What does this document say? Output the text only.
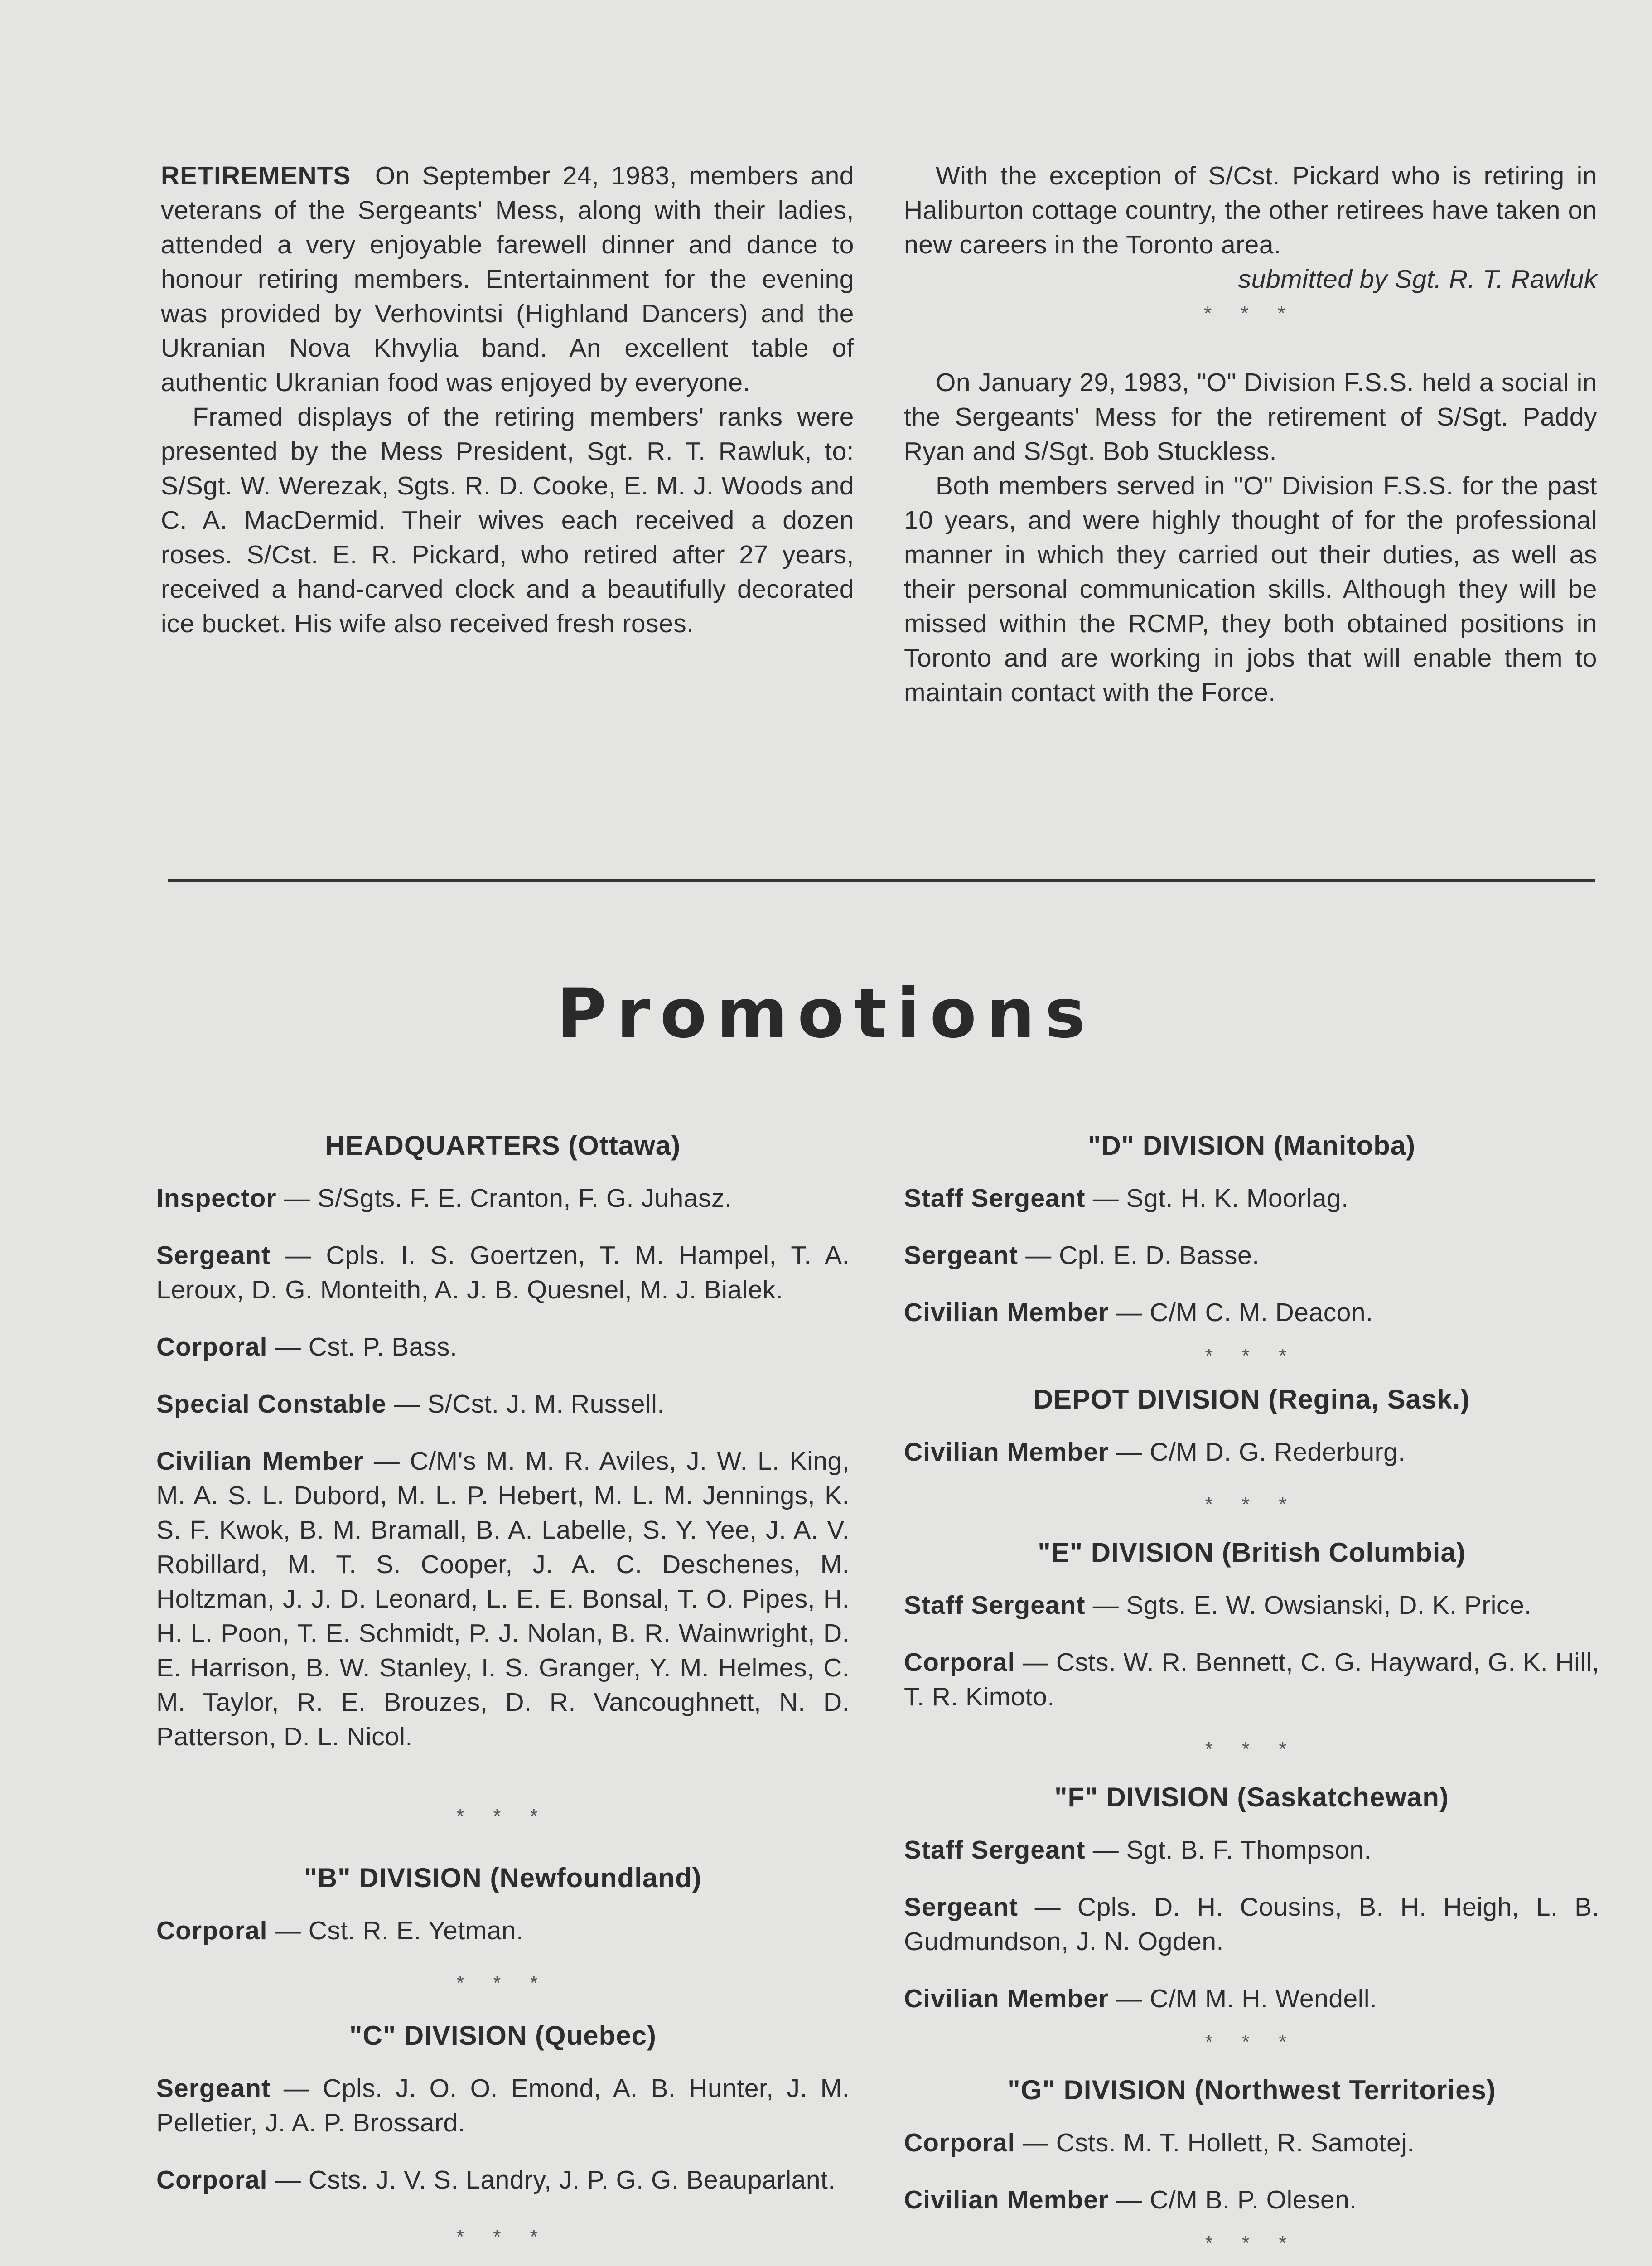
RETIREMENTS On September 24, 1983, members and veterans of the Sergeants' Mess, along with their ladies, attended a very enjoyable farewell dinner and dance to honour retiring members. Entertainment for the evening was provided by Verhovintsi (Highland Dancers) and the Ukranian Nova Khvylia band. An excellent table of authentic Ukranian food was enjoyed by everyone.

Framed displays of the retiring members' ranks were presented by the Mess President, Sgt. R. T. Rawluk, to: S/Sgt. W. Werezak, Sgts. R. D. Cooke, E. M. J. Woods and C. A. MacDermid. Their wives each received a dozen roses. S/Cst. E. R. Pickard, who retired after 27 years, received a hand-carved clock and a beautifully decorated ice bucket. His wife also received fresh roses.

With the exception of S/Cst. Pickard who is retiring in Haliburton cottage country, the other retirees have taken on new careers in the Toronto area.
submitted by Sgt. R. T. Rawluk

* * *

On January 29, 1983, "O" Division F.S.S. held a social in the Sergeants' Mess for the retirement of S/Sgt. Paddy Ryan and S/Sgt. Bob Stuckless.

Both members served in "O" Division F.S.S. for the past 10 years, and were highly thought of for the professional manner in which they carried out their duties, as well as their personal communication skills. Although they will be missed within the RCMP, they both obtained positions in Toronto and are working in jobs that will enable them to maintain contact with the Force.

Promotions

HEADQUARTERS (Ottawa)

Inspector — S/Sgts. F. E. Cranton, F. G. Juhasz.

Sergeant — Cpls. I. S. Goertzen, T. M. Hampel, T. A. Leroux, D. G. Monteith, A. J. B. Quesnel, M. J. Bialek.

Corporal — Cst. P. Bass.

Special Constable — S/Cst. J. M. Russell.

Civilian Member — C/M's M. M. R. Aviles, J. W. L. King, M. A. S. L. Dubord, M. L. P. Hebert, M. L. M. Jennings, K. S. F. Kwok, B. M. Bramall, B. A. Labelle, S. Y. Yee, J. A. V. Robillard, M. T. S. Cooper, J. A. C. Deschenes, M. Holtzman, J. J. D. Leonard, L. E. E. Bonsal, T. O. Pipes, H. H. L. Poon, T. E. Schmidt, P. J. Nolan, B. R. Wainwright, D. E. Harrison, B. W. Stanley, I. S. Granger, Y. M. Helmes, C. M. Taylor, R. E. Brouzes, D. R. Vancoughnett, N. D. Patterson, D. L. Nicol.

* * *

"B" DIVISION (Newfoundland)

Corporal — Cst. R. E. Yetman.

* * *

"C" DIVISION (Quebec)

Sergeant — Cpls. J. O. O. Emond, A. B. Hunter, J. M. Pelletier, J. A. P. Brossard.

Corporal — Csts. J. V. S. Landry, J. P. G. G. Beauparlant.

* * *

"D" DIVISION (Manitoba)

Staff Sergeant — Sgt. H. K. Moorlag.

Sergeant — Cpl. E. D. Basse.

Civilian Member — C/M C. M. Deacon.

* * *

DEPOT DIVISION (Regina, Sask.)

Civilian Member — C/M D. G. Rederburg.

* * *

"E" DIVISION (British Columbia)

Staff Sergeant — Sgts. E. W. Owsianski, D. K. Price.

Corporal — Csts. W. R. Bennett, C. G. Hayward, G. K. Hill, T. R. Kimoto.

* * *

"F" DIVISION (Saskatchewan)

Staff Sergeant — Sgt. B. F. Thompson.

Sergeant — Cpls. D. H. Cousins, B. H. Heigh, L. B. Gudmundson, J. N. Ogden.

Civilian Member — C/M M. H. Wendell.

* * *

"G" DIVISION (Northwest Territories)

Corporal — Csts. M. T. Hollett, R. Samotej.

Civilian Member — C/M B. P. Olesen.

* * *
